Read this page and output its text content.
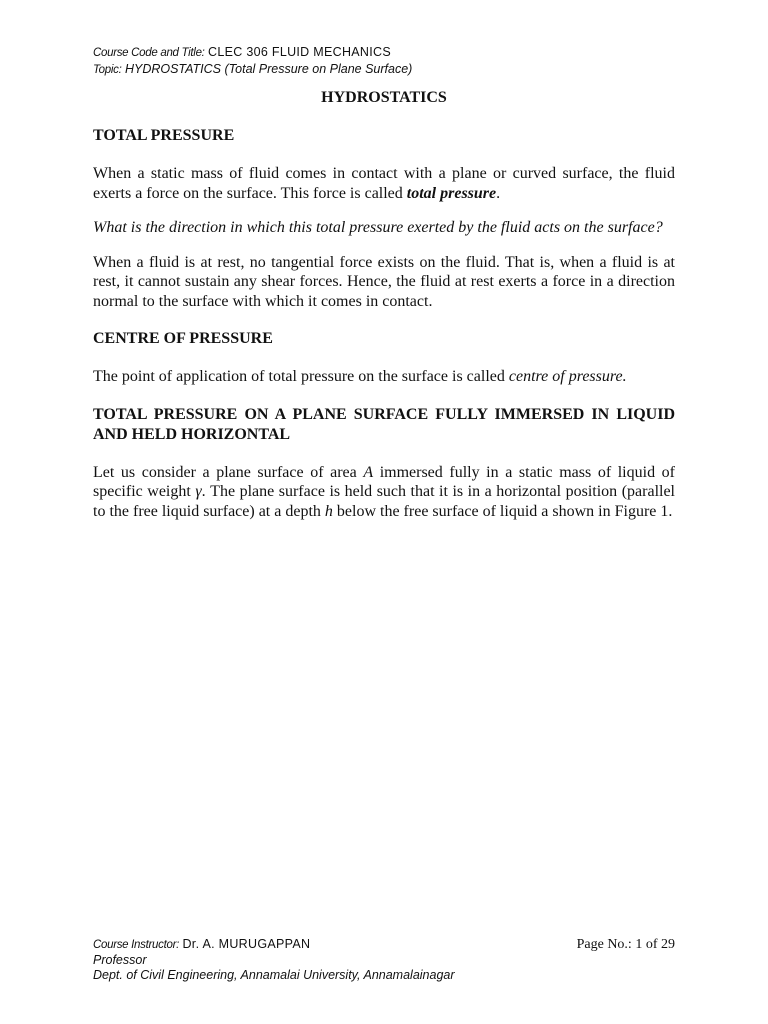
Course Code and Title: CLEC 306 FLUID MECHANICS
Topic: HYDROSTATICS (Total Pressure on Plane Surface)
HYDROSTATICS

TOTAL PRESSURE

When a static mass of fluid comes in contact with a plane or curved surface, the fluid exerts a force on the surface. This force is called total pressure.

What is the direction in which this total pressure exerted by the fluid acts on the surface?

When a fluid is at rest, no tangential force exists on the fluid. That is, when a fluid is at rest, it cannot sustain any shear forces. Hence, the fluid at rest exerts a force in a direction normal to the surface with which it comes in contact.

CENTRE OF PRESSURE

The point of application of total pressure on the surface is called centre of pressure.

TOTAL PRESSURE ON A PLANE SURFACE FULLY IMMERSED IN LIQUID AND HELD HORIZONTAL

Let us consider a plane surface of area A immersed fully in a static mass of liquid of specific weight γ. The plane surface is held such that it is in a horizontal position (parallel to the free liquid surface) at a depth h below the free surface of liquid a shown in Figure 1.

Course Instructor: Dr. A. MURUGAPPAN
Professor
Dept. of Civil Engineering, Annamalai University, Annamalainagar
Page No.: 1 of 29
